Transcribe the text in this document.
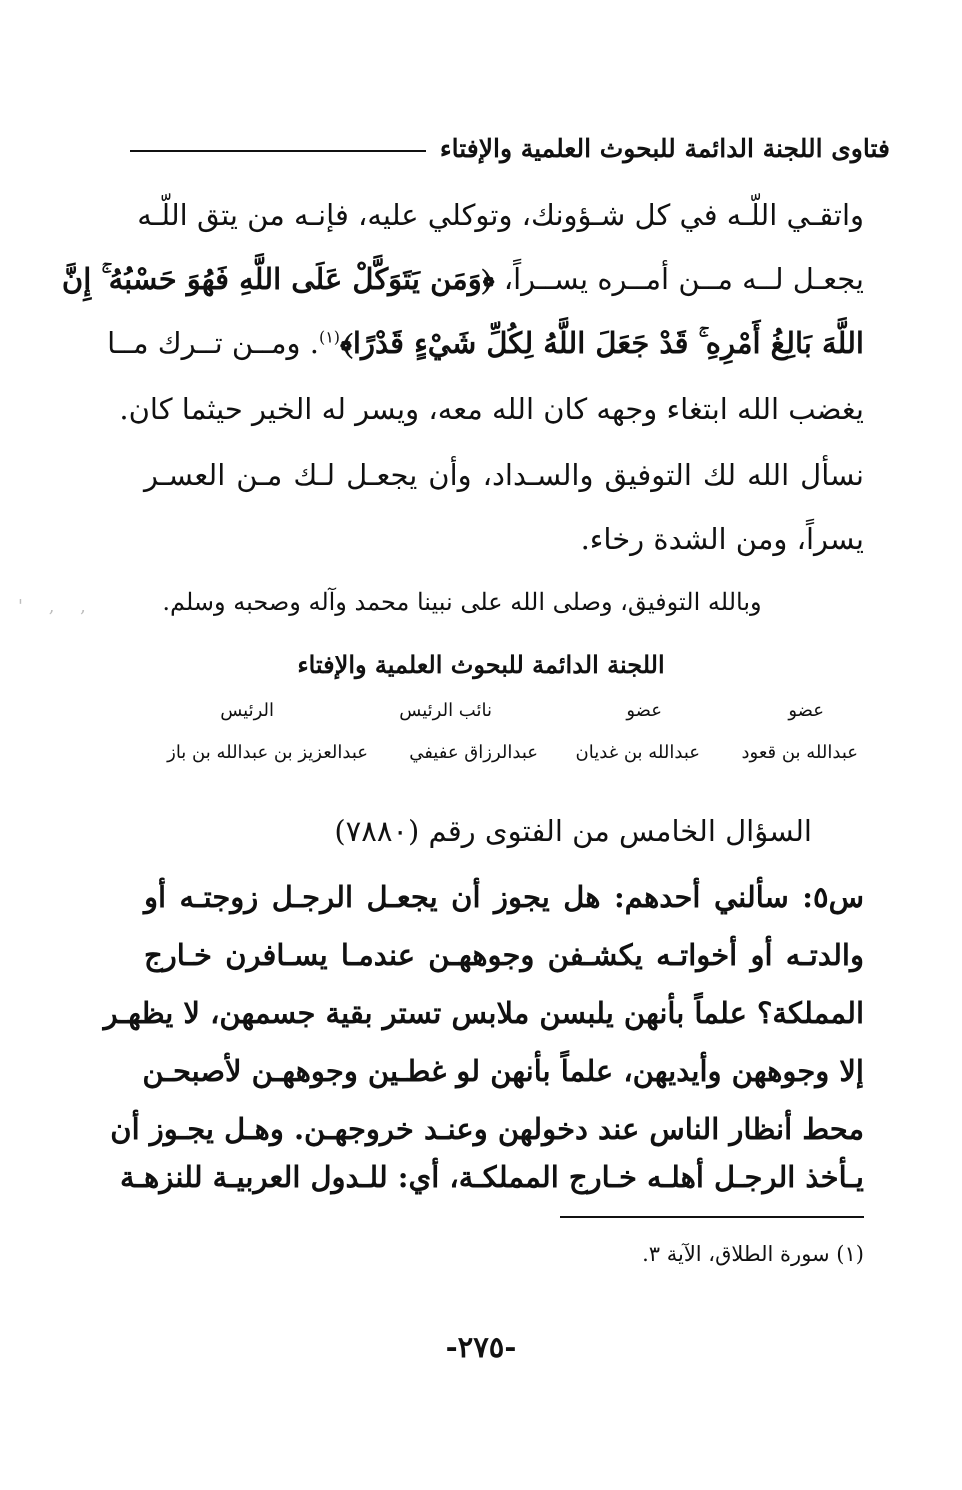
فتاوى اللجنة الدائمة للبحوث العلمية والإفتاء
واتقـي اللّـه في كل شـؤونك، وتوكلي عليه، فإنـه من يتق اللّـه
يجعـل لــه مــن أمــره يســراً، ﴿وَمَن يَتَوَكَّلْ عَلَى اللَّهِ فَهُوَ حَسْبُهُ ۚ إِنَّ
اللَّهَ بَالِغُ أَمْرِهِ ۚ قَدْ جَعَلَ اللَّهُ لِكُلِّ شَيْءٍ قَدْرًا﴾$^{(١)}$. ومــن تــرك مــا
يغضب الله ابتغاء وجهه كان الله معه، ويسر له الخير حيثما كان.
نسأل الله لك التوفيق والسـداد، وأن يجعـل لـك مـن العسـر
يسراً، ومن الشدة رخاء.
وبالله التوفيق، وصلى الله على نبينا محمد وآله وصحبه وسلم.
اللجنة الدائمة للبحوث العلمية والإفتاء
عضو
عضو
نائب الرئيس
الرئيس
عبدالله بن قعود
عبدالله بن غديان
عبدالرزاق عفيفي
عبدالعزيز بن عبدالله بن باز
السؤال الخامس من الفتوى رقم (٧٨٨٠)
س٥: سألني أحدهم: هل يجوز أن يجعـل الرجـل زوجتـه أو
والدتـه أو أخواتـه يكشـفن وجوههـن عندمـا يسـافرن خـارج
المملكة؟ علماً بأنهن يلبسن ملابس تستر بقية جسمهن، لا يظهـر
إلا وجوههن وأيديهن، علماً بأنهن لو غطـين وجوههـن لأصبحـن
محط أنظار الناس عند دخولهن وعنـد خروجهـن. وهـل يجـوز أن
يـأخذ الرجـل أهلـه خـارج المملكـة، أي: للـدول العربيـة للنزهـة
(١) سورة الطلاق، الآية ٣.
-٢٧٥-
' ‚ ,
